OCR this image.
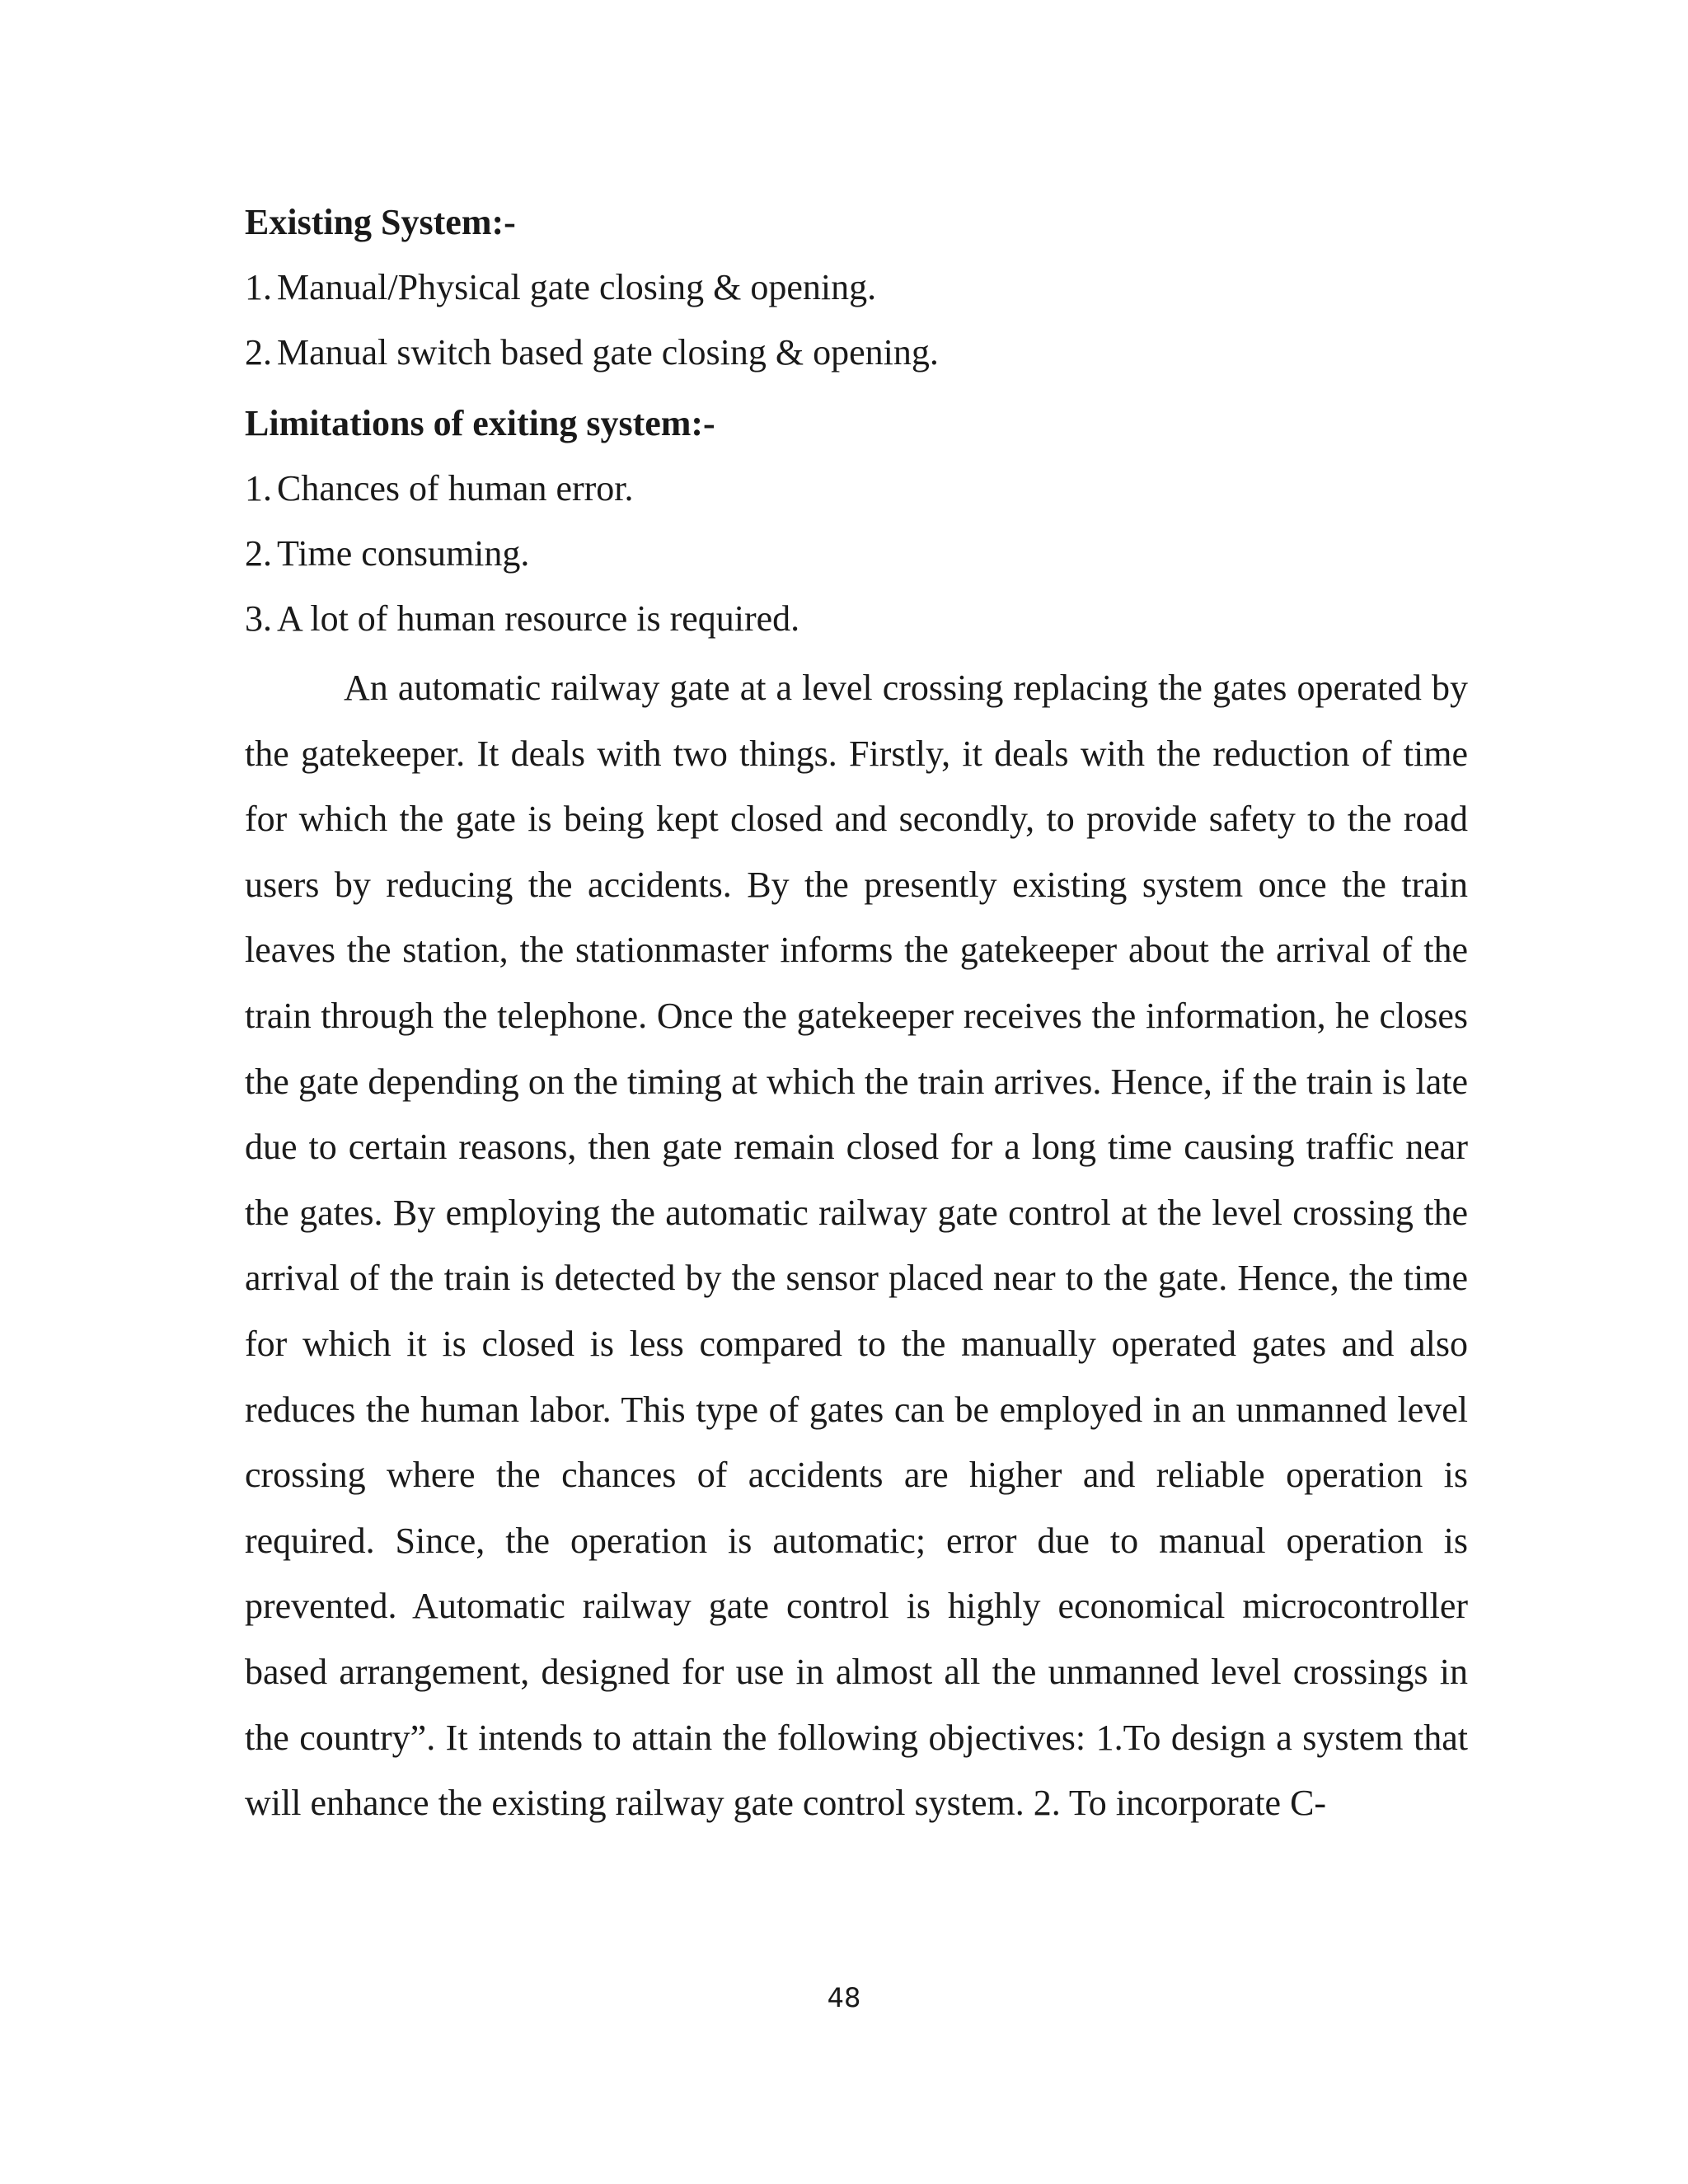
Existing System:-
1. Manual/Physical gate closing & opening.
2. Manual switch based gate closing & opening.
Limitations of exiting system:-
1. Chances of human error.
2. Time consuming.
3. A lot of human resource is required.

An automatic railway gate at a level crossing replacing the gates operated by the gatekeeper. It deals with two things. Firstly, it deals with the reduction of time for which the gate is being kept closed and secondly, to provide safety to the road users by reducing the accidents. By the presently existing system once the train leaves the station, the stationmaster informs the gatekeeper about the arrival of the train through the telephone. Once the gatekeeper receives the information, he closes the gate depending on the timing at which the train arrives. Hence, if the train is late due to certain reasons, then gate remain closed for a long time causing traffic near the gates. By employing the automatic railway gate control at the level crossing the arrival of the train is detected by the sensor placed near to the gate. Hence, the time for which it is closed is less compared to the manually operated gates and also reduces the human labor. This type of gates can be employed in an unmanned level crossing where the chances of accidents are higher and reliable operation is required. Since, the operation is automatic; error due to manual operation is prevented. Automatic railway gate control is highly economical microcontroller based arrangement, designed for use in almost all the unmanned level crossings in the country”. It intends to attain the following objectives: 1.To design a system that will enhance the existing railway gate control system. 2. To incorporate C-

48
